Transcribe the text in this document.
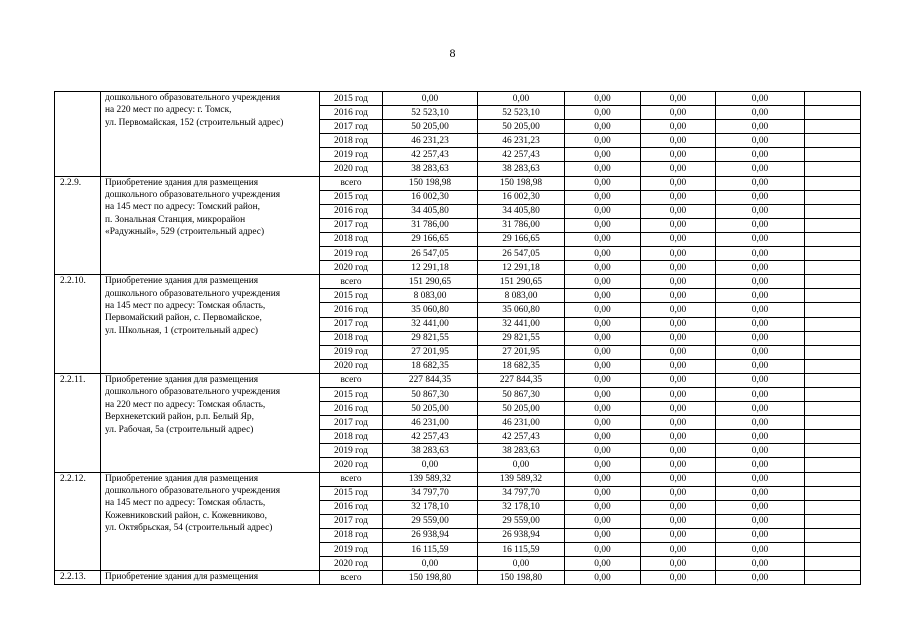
8

	дошкольного образовательного учреждения
на 220 мест по адресу: г. Томск,
ул. Первомайская, 152 (строительный адрес)	2015 год	0,00	0,00	0,00	0,00	0,00	
		2016 год	52 523,10	52 523,10	0,00	0,00	0,00	
		2017 год	50 205,00	50 205,00	0,00	0,00	0,00	
		2018 год	46 231,23	46 231,23	0,00	0,00	0,00	
		2019 год	42 257,43	42 257,43	0,00	0,00	0,00	
		2020 год	38 283,63	38 283,63	0,00	0,00	0,00	
2.2.9.	Приобретение здания для размещения
дошкольного образовательного учреждения
на 145 мест по адресу: Томский район,
п. Зональная Станция, микрорайон
«Радужный», 529 (строительный адрес)	всего	150 198,98	150 198,98	0,00	0,00	0,00	
		2015 год	16 002,30	16 002,30	0,00	0,00	0,00	
		2016 год	34 405,80	34 405,80	0,00	0,00	0,00	
		2017 год	31 786,00	31 786,00	0,00	0,00	0,00	
		2018 год	29 166,65	29 166,65	0,00	0,00	0,00	
		2019 год	26 547,05	26 547,05	0,00	0,00	0,00	
		2020 год	12 291,18	12 291,18	0,00	0,00	0,00	
2.2.10.	Приобретение здания для размещения
дошкольного образовательного учреждения
на 145 мест по адресу: Томская область,
Первомайский район, с. Первомайское,
ул. Школьная, 1 (строительный адрес)	всего	151 290,65	151 290,65	0,00	0,00	0,00	
		2015 год	8 083,00	8 083,00	0,00	0,00	0,00	
		2016 год	35 060,80	35 060,80	0,00	0,00	0,00	
		2017 год	32 441,00	32 441,00	0,00	0,00	0,00	
		2018 год	29 821,55	29 821,55	0,00	0,00	0,00	
		2019 год	27 201,95	27 201,95	0,00	0,00	0,00	
		2020 год	18 682,35	18 682,35	0,00	0,00	0,00	
2.2.11.	Приобретение здания для размещения
дошкольного образовательного учреждения
на 220 мест по адресу: Томская область,
Верхнекетский район, р.п. Белый Яр,
ул. Рабочая, 5а (строительный адрес)	всего	227 844,35	227 844,35	0,00	0,00	0,00	
		2015 год	50 867,30	50 867,30	0,00	0,00	0,00	
		2016 год	50 205,00	50 205,00	0,00	0,00	0,00	
		2017 год	46 231,00	46 231,00	0,00	0,00	0,00	
		2018 год	42 257,43	42 257,43	0,00	0,00	0,00	
		2019 год	38 283,63	38 283,63	0,00	0,00	0,00	
		2020 год	0,00	0,00	0,00	0,00	0,00	
2.2.12.	Приобретение здания для размещения
дошкольного образовательного учреждения
на 145 мест по адресу: Томская область,
Кожевниковский район, с. Кожевниково,
ул. Октябрьская, 54 (строительный адрес)	всего	139 589,32	139 589,32	0,00	0,00	0,00	
		2015 год	34 797,70	34 797,70	0,00	0,00	0,00	
		2016 год	32 178,10	32 178,10	0,00	0,00	0,00	
		2017 год	29 559,00	29 559,00	0,00	0,00	0,00	
		2018 год	26 938,94	26 938,94	0,00	0,00	0,00	
		2019 год	16 115,59	16 115,59	0,00	0,00	0,00	
		2020 год	0,00	0,00	0,00	0,00	0,00	
2.2.13.	Приобретение здания для размещения	всего	150 198,80	150 198,80	0,00	0,00	0,00	
